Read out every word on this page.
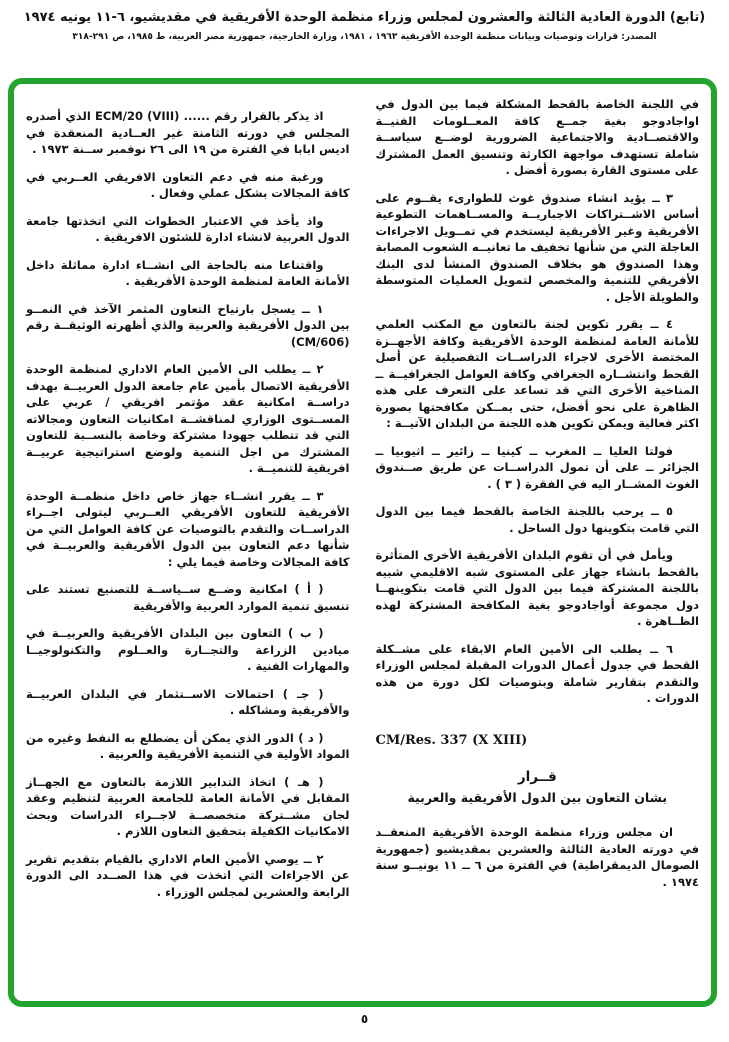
(تابع) الدورة العادية الثالثة والعشرون لمجلس وزراء منظمة الوحدة الأفريقية في مقديشيو، ٦-١١ يونيه ١٩٧٤
المصدر: قرارات وتوصيات وبيانات منظمة الوحدة الأفريقية ١٩٦٣ ، ١٩٨١، وزارة الخارجية، جمهورية مصر العربية، ط ١٩٨٥، ص ٢٩١-٣١٨

في اللجنة الخاصة بالقحط المشكلة فيما بين الدول في اواجادوجو بغية جمــع كافة المعــلومات الفنيــة والاقتصــادية والاجتماعية الضرورية لوضــع سياســة شاملة تستهدف مواجهة الكارثة وتنسيق العمل المشترك على مستوى القارة بصورة أفضل .

٣ ــ يؤيد انشاء صندوق غوث للطوارىء يقــوم على أساس الاشــتراكات الاجباريــة والمســاهمات التطوعية الأفريقية وغير الأفريقية ليستخدم في تمــويل الاجراءات العاجلة التي من شأنها تخفيف ما تعانيــه الشعوب المصابة وهذا الصندوق هو بخلاف الصندوق المنشأ لدى البنك الأفريقي للتنمية والمخصص لتمويل العمليات المتوسطة والطويلة الأجل .

٤ ــ يقرر تكوين لجنة بالتعاون مع المكتب العلمي للأمانة العامة لمنظمة الوحدة الأفريقية وكافة الأجهــزة المختصة الأخرى لاجراء الدراســات التفصيلية عن أصل القحط وانتشــاره الجغرافي وكافة العوامل الجغرافيــة ــ المناخية الأخرى التي قد تساعد على التعرف على هذه الظاهرة على نحو أفضل، حتى يمــكن مكافحتها بصورة اكثر فعالية ويمكن تكوين هذه اللجنة من البلدان الآتيــة :

فولتا العليا ــ المغرب ــ كينيا ــ زائير ــ اثيوبيا ــ الجزائر ــ على أن تمول الدراســات عن طريق صــندوق الغوث المشــار اليه في الفقرة ( ٣ ) .

٥ ــ يرحب باللجنة الخاصة بالقحط فيما بين الدول التي قامت بتكوينها دول الساحل .

ويأمل في أن تقوم البلدان الأفريقية الأخرى المتأثرة بالقحط بانشاء جهاز على المستوى شبه الاقليمي شبيه باللجنة المشتركة فيما بين الدول التي قامت بتكوينهــا دول مجموعة أواجادوجو بغية المكافحة المشتركة لهذه الظــاهرة .

٦ ــ يطلب الى الأمين العام الابقاء على مشــكلة القحط في جدول أعمال الدورات المقبلة لمجلس الوزراء والتقدم بتقارير شاملة وبتوصيات لكل دورة من هذه الدورات .

CM/Res. 337 (X XIII)

قــرار

بشان التعاون بين الدول الأفريقية والعربية

ان مجلس وزراء منظمة الوحدة الأفريقية المنعقــد في دورته العادية الثالثة والعشرين بمقديشيو (جمهورية الصومال الديمقراطية) في الفترة من ٦ ــ ١١ يونيــو سنة ١٩٧٤ .

اذ يذكر بالقرار رقم ...... ECM/20 (VIII) الذي أصدره المجلس في دورته الثامنة غير العــادية المنعقدة في اديس ابابا في الفترة من ١٩ الى ٢٦ نوفمبر ســنة ١٩٧٣ .

ورغبة منه في دعم التعاون الافريقي العــربي في كافة المجالات بشكل عملي وفعال .

واذ يأخذ في الاعتبار الخطوات التي اتخذتها جامعة الدول العربية لانشاء ادارة للشئون الافريقية .

واقتناعا منه بالحاجة الى انشــاء ادارة مماثلة داخل الأمانة العامة لمنظمة الوحدة الأفريقية .

١ ــ يسجل بارتياح التعاون المثمر الآخذ في النمــو بين الدول الأفريقية والعربية والذي أظهرته الوثيقــة رقم (CM/606)

٢ ــ يطلب الى الأمين العام الاداري لمنظمة الوحدة الأفريقية الاتصال بأمين عام جامعة الدول العربيــة بهدف دراســة امكانية عقد مؤتمر افريقي / عربي على المســتوى الوزاري لمناقشــة امكانيات التعاون ومجالاته التي قد تتطلب جهودا مشتركة وخاصة بالنســبة للتعاون المشترك من اجل التنمية ولوضع استراتيجية عربيــة افريقية للتنميــة .

٣ ــ يقرر انشــاء جهاز خاص داخل منظمــة الوحدة الأفريقية للتعاون الأفريقي العــربي ليتولى اجــراء الدراســات والتقدم بالتوصيات عن كافة العوامل التي من شأنها دعم التعاون بين الدول الأفريقية والعربيــة في كافة المجالات وخاصة فيما يلي :

( أ ) امكانية وضــع ســياســة للتصنيع تستند على تنسيق تنمية الموارد العربية والأفريقية

( ب ) التعاون بين البلدان الأفريقية والعربيــة في ميادين الزراعة والتجــارة والعــلوم والتكنولوجيــا والمهارات الفنية .

( جـ ) احتمالات الاســتثمار في البلدان العربيــة والأفريقية ومشاكله .

( د ) الدور الذي يمكن أن يضطلع به النفط وغيره من المواد الأولية في التنمية الأفريقية والعربية .

( هـ ) اتخاذ التدابير اللازمة بالتعاون مع الجهــاز المقابل في الأمانة العامة للجامعة العربية لتنظيم وعقد لجان مشــتركة متخصصــة لاجــراء الدراسات وبحث الامكانيات الكفيلة بتحقيق التعاون اللازم .

٢ ــ يوصي الأمين العام الاداري بالقيام بتقديم تقرير عن الاجراءات التي اتخذت في هذا الصــدد الى الدورة الرابعة والعشرين لمجلس الوزراء .

٥
